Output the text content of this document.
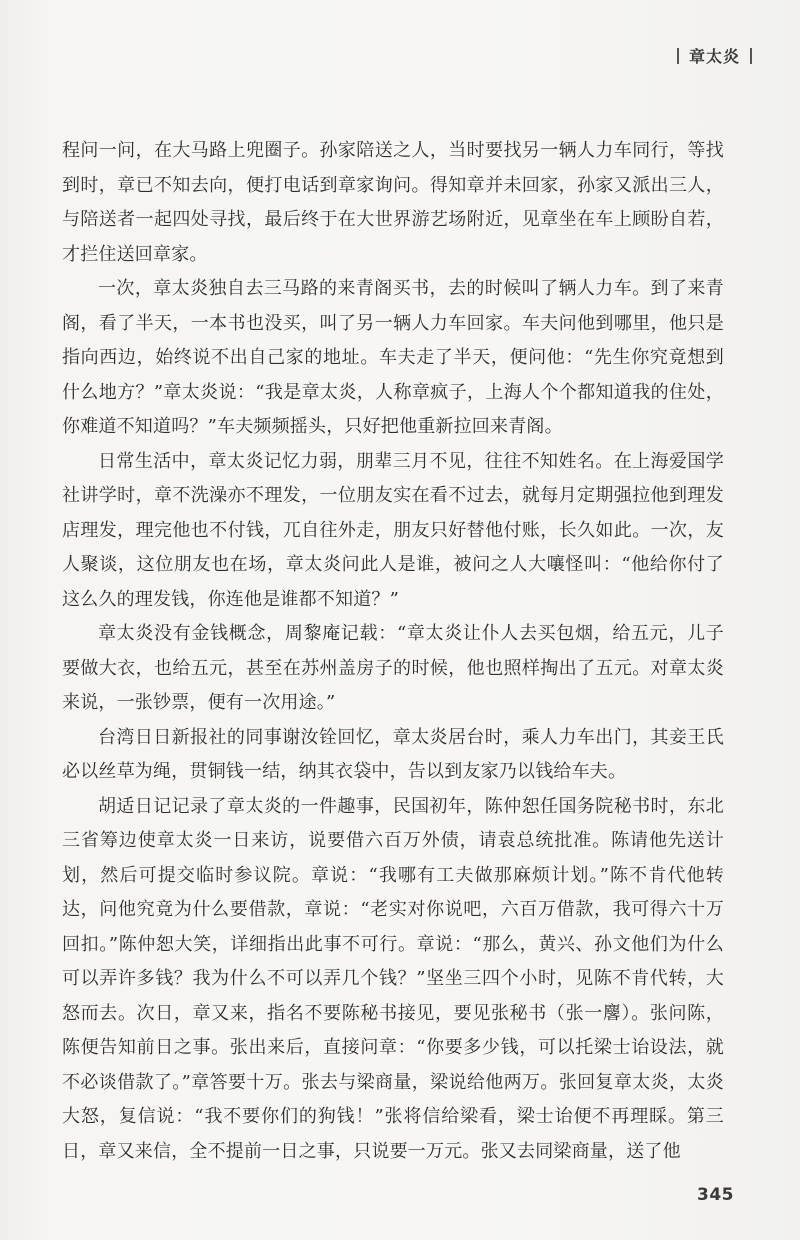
章太炎

程问一问，在大马路上兜圈子。孙家陪送之人，当时要找另一辆人力车同行，等找到时，章已不知去向，便打电话到章家询问。得知章并未回家，孙家又派出三人，与陪送者一起四处寻找，最后终于在大世界游艺场附近，见章坐在车上顾盼自若，才拦住送回章家。

一次，章太炎独自去三马路的来青阁买书，去的时候叫了辆人力车。到了来青阁，看了半天，一本书也没买，叫了另一辆人力车回家。车夫问他到哪里，他只是指向西边，始终说不出自己家的地址。车夫走了半天，便问他：“先生你究竟想到什么地方？”章太炎说：“我是章太炎，人称章疯子，上海人个个都知道我的住处，你难道不知道吗？”车夫频频摇头，只好把他重新拉回来青阁。

日常生活中，章太炎记忆力弱，朋辈三月不见，往往不知姓名。在上海爱国学社讲学时，章不洗澡亦不理发，一位朋友实在看不过去，就每月定期强拉他到理发店理发，理完他也不付钱，兀自往外走，朋友只好替他付账，长久如此。一次，友人聚谈，这位朋友也在场，章太炎问此人是谁，被问之人大嚷怪叫：“他给你付了这么久的理发钱，你连他是谁都不知道？”

章太炎没有金钱概念，周黎庵记载：“章太炎让仆人去买包烟，给五元，儿子要做大衣，也给五元，甚至在苏州盖房子的时候，他也照样掏出了五元。对章太炎来说，一张钞票，便有一次用途。”

台湾日日新报社的同事谢汝铨回忆，章太炎居台时，乘人力车出门，其妾王氏必以丝草为绳，贯铜钱一结，纳其衣袋中，告以到友家乃以钱给车夫。

胡适日记记录了章太炎的一件趣事，民国初年，陈仲恕任国务院秘书时，东北三省筹边使章太炎一日来访，说要借六百万外债，请袁总统批准。陈请他先送计划，然后可提交临时参议院。章说：“我哪有工夫做那麻烦计划。”陈不肯代他转达，问他究竟为什么要借款，章说：“老实对你说吧，六百万借款，我可得六十万回扣。”陈仲恕大笑，详细指出此事不可行。章说：“那么，黄兴、孙文他们为什么可以弄许多钱？我为什么不可以弄几个钱？”坚坐三四个小时，见陈不肯代转，大怒而去。次日，章又来，指名不要陈秘书接见，要见张秘书（张一麐）。张问陈，陈便告知前日之事。张出来后，直接问章：“你要多少钱，可以托梁士诒设法，就不必谈借款了。”章答要十万。张去与梁商量，梁说给他两万。张回复章太炎，太炎大怒，复信说：“我不要你们的狗钱！”张将信给梁看，梁士诒便不再理睬。第三日，章又来信，全不提前一日之事，只说要一万元。张又去同梁商量，送了他

345
